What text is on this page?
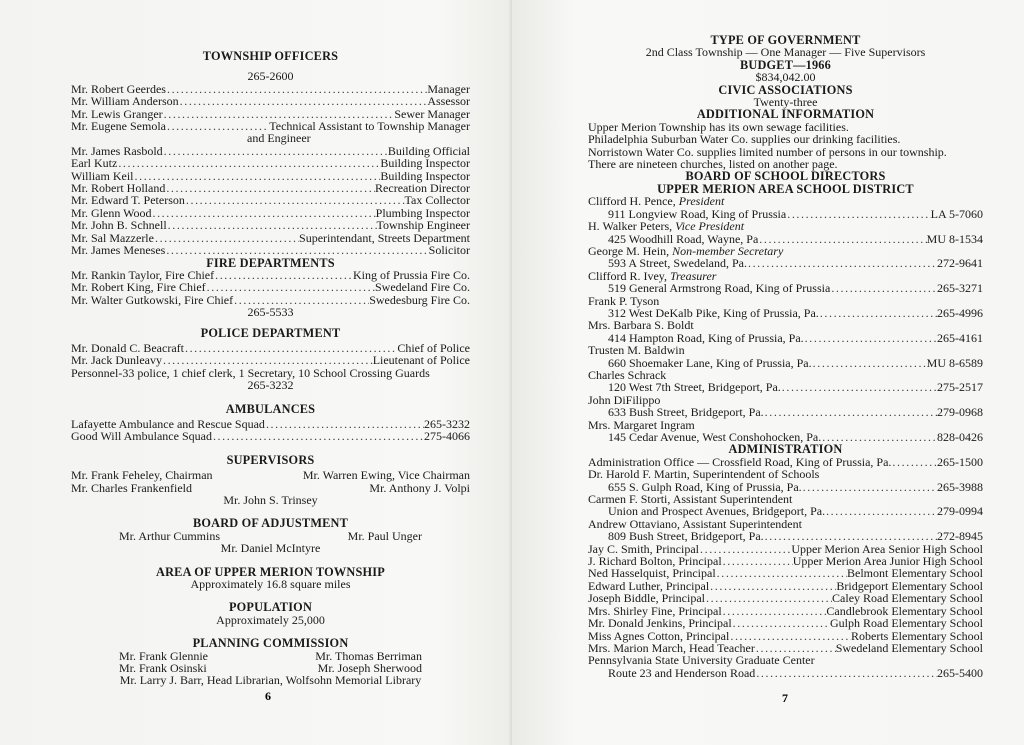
TOWNSHIP OFFICERS
265-2600
Mr. Robert Geerdes .....	Manager
Mr. William Anderson .....	Assessor
Mr. Lewis Granger .....	Sewer Manager
Mr. Eugene Semola .....	Technical Assistant to Township Manager
and Engineer
Mr. James Rasbold .....	Building Official
Earl Kutz .....	Building Inspector
William Keil .....	Building Inspector
Mr. Robert Holland .....	Recreation Director
Mr. Edward T. Peterson .....	Tax Collector
Mr. Glenn Wood .....	Plumbing Inspector
Mr. John B. Schnell .....	Township Engineer
Mr. Sal Mazzerle .....	Superintendant, Streets Department
Mr. James Meneses .....	Solicitor
FIRE DEPARTMENTS
Mr. Rankin Taylor, Fire Chief .....	King of Prussia Fire Co.
Mr. Robert King, Fire Chief .....	Swedeland Fire Co.
Mr. Walter Gutkowski, Fire Chief .....	Swedesburg Fire Co.
265-5533
POLICE DEPARTMENT
Mr. Donald C. Beacraft .....	Chief of Police
Mr. Jack Dunleavy .....	Lieutenant of Police
Personnel-33 police, 1 chief clerk, 1 Secretary, 10 School Crossing Guards
265-3232
AMBULANCES
Lafayette Ambulance and Rescue Squad .....	265-3232
Good Will Ambulance Squad .....	275-4066
SUPERVISORS
Mr. Frank Feheley, Chairman	Mr. Warren Ewing, Vice Chairman
Mr. Charles Frankenfield	Mr. Anthony J. Volpi
Mr. John S. Trinsey
BOARD OF ADJUSTMENT
Mr. Arthur Cummins	Mr. Paul Unger
Mr. Daniel McIntyre
AREA OF UPPER MERION TOWNSHIP
Approximately 16.8 square miles
POPULATION
Approximately 25,000
PLANNING COMMISSION
Mr. Frank Glennie	Mr. Thomas Berriman
Mr. Frank Osinski	Mr. Joseph Sherwood
Mr. Larry J. Barr, Head Librarian, Wolfsohn Memorial Library
6
TYPE OF GOVERNMENT
2nd Class Township — One Manager — Five Supervisors
BUDGET—1966
$834,042.00
CIVIC ASSOCIATIONS
Twenty-three
ADDITIONAL INFORMATION
Upper Merion Township has its own sewage facilities.
Philadelphia Suburban Water Co. supplies our drinking facilities.
Norristown Water Co. supplies limited number of persons in our township.
There are nineteen churches, listed on another page.
BOARD OF SCHOOL DIRECTORS
UPPER MERION AREA SCHOOL DISTRICT
Clifford H. Pence, President
911 Longview Road, King of Prussia .....	LA 5-7060
H. Walker Peters, Vice President
425 Woodhill Road, Wayne, Pa .....	MU 8-1534
George M. Hein, Non-member Secretary
593 A Street, Swedeland, Pa. .....	272-9641
Clifford R. Ivey, Treasurer
519 General Armstrong Road, King of Prussia .....	265-3271
Frank P. Tyson
312 West DeKalb Pike, King of Prussia, Pa. .....	265-4996
Mrs. Barbara S. Boldt
414 Hampton Road, King of Prussia, Pa. .....	265-4161
Trusten M. Baldwin
660 Shoemaker Lane, King of Prussia, Pa. .....	MU 8-6589
Charles Schrack
120 West 7th Street, Bridgeport, Pa. .....	275-2517
John DiFilippo
633 Bush Street, Bridgeport, Pa. .....	279-0968
Mrs. Margaret Ingram
145 Cedar Avenue, West Conshohocken, Pa. .....	828-0426
ADMINISTRATION
Administration Office — Crossfield Road, King of Prussia, Pa. .....	265-1500
Dr. Harold F. Martin, Superintendent of Schools
655 S. Gulph Road, King of Prussia, Pa. .....	265-3988
Carmen F. Storti, Assistant Superintendent
Union and Prospect Avenues, Bridgeport, Pa. .....	279-0994
Andrew Ottaviano, Assistant Superintendent
809 Bush Street, Bridgeport, Pa. .....	272-8945
Jay C. Smith, Principal .....	Upper Merion Area Senior High School
J. Richard Bolton, Principal .....	Upper Merion Area Junior High School
Ned Hasselquist, Principal .....	Belmont Elementary School
Edward Luther, Principal .....	Bridgeport Elementary School
Joseph Biddle, Principal .....	Caley Road Elementary School
Mrs. Shirley Fine, Principal .....	Candlebrook Elementary School
Mr. Donald Jenkins, Principal .....	Gulph Road Elementary School
Miss Agnes Cotton, Principal .....	Roberts Elementary School
Mrs. Marion March, Head Teacher .....	Swedeland Elementary School
Pennsylvania State University Graduate Center
Route 23 and Henderson Road .....	265-5400
7
